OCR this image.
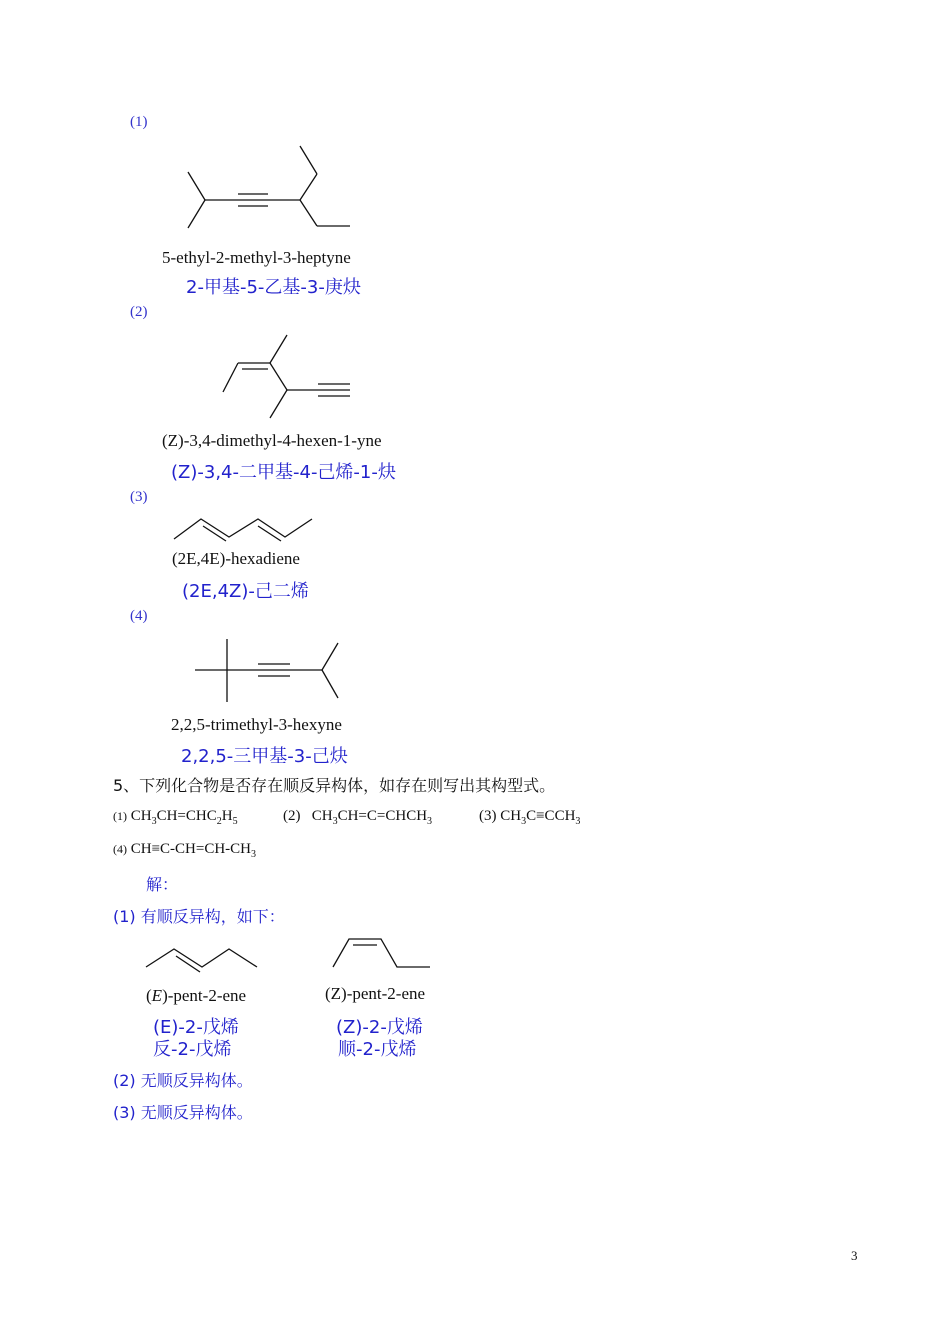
(1)
5-ethyl-2-methyl-3-heptyne
2-甲基-5-乙基-3-庚炔
(2)
(Z)-3,4-dimethyl-4-hexen-1-yne
(Z)-3,4-二甲基-4-己烯-1-炔
(3)
(2E,4E)-hexadiene
(2E,4Z)-己二烯
(4)
2,2,5-trimethyl-3-hexyne
2,2,5-三甲基-3-己炔
5、下列化合物是否存在顺反异构体，如存在则写出其构型式。
(1) $CH_3CH=CHC_2H_5$	(2)   $CH_3CH=C=CHCH_3$	(3) $CH_3C\equiv CCH_3$
(4) $CH\equiv C-CH=CH-CH_3$
解：
(1) 有顺反异构，如下：
(E)-pent-2-ene
(E)-2-戊烯
反-2-戊烯
(Z)-pent-2-ene
(Z)-2-戊烯
顺-2-戊烯
(2) 无顺反异构体。
(3) 无顺反异构体。
3
